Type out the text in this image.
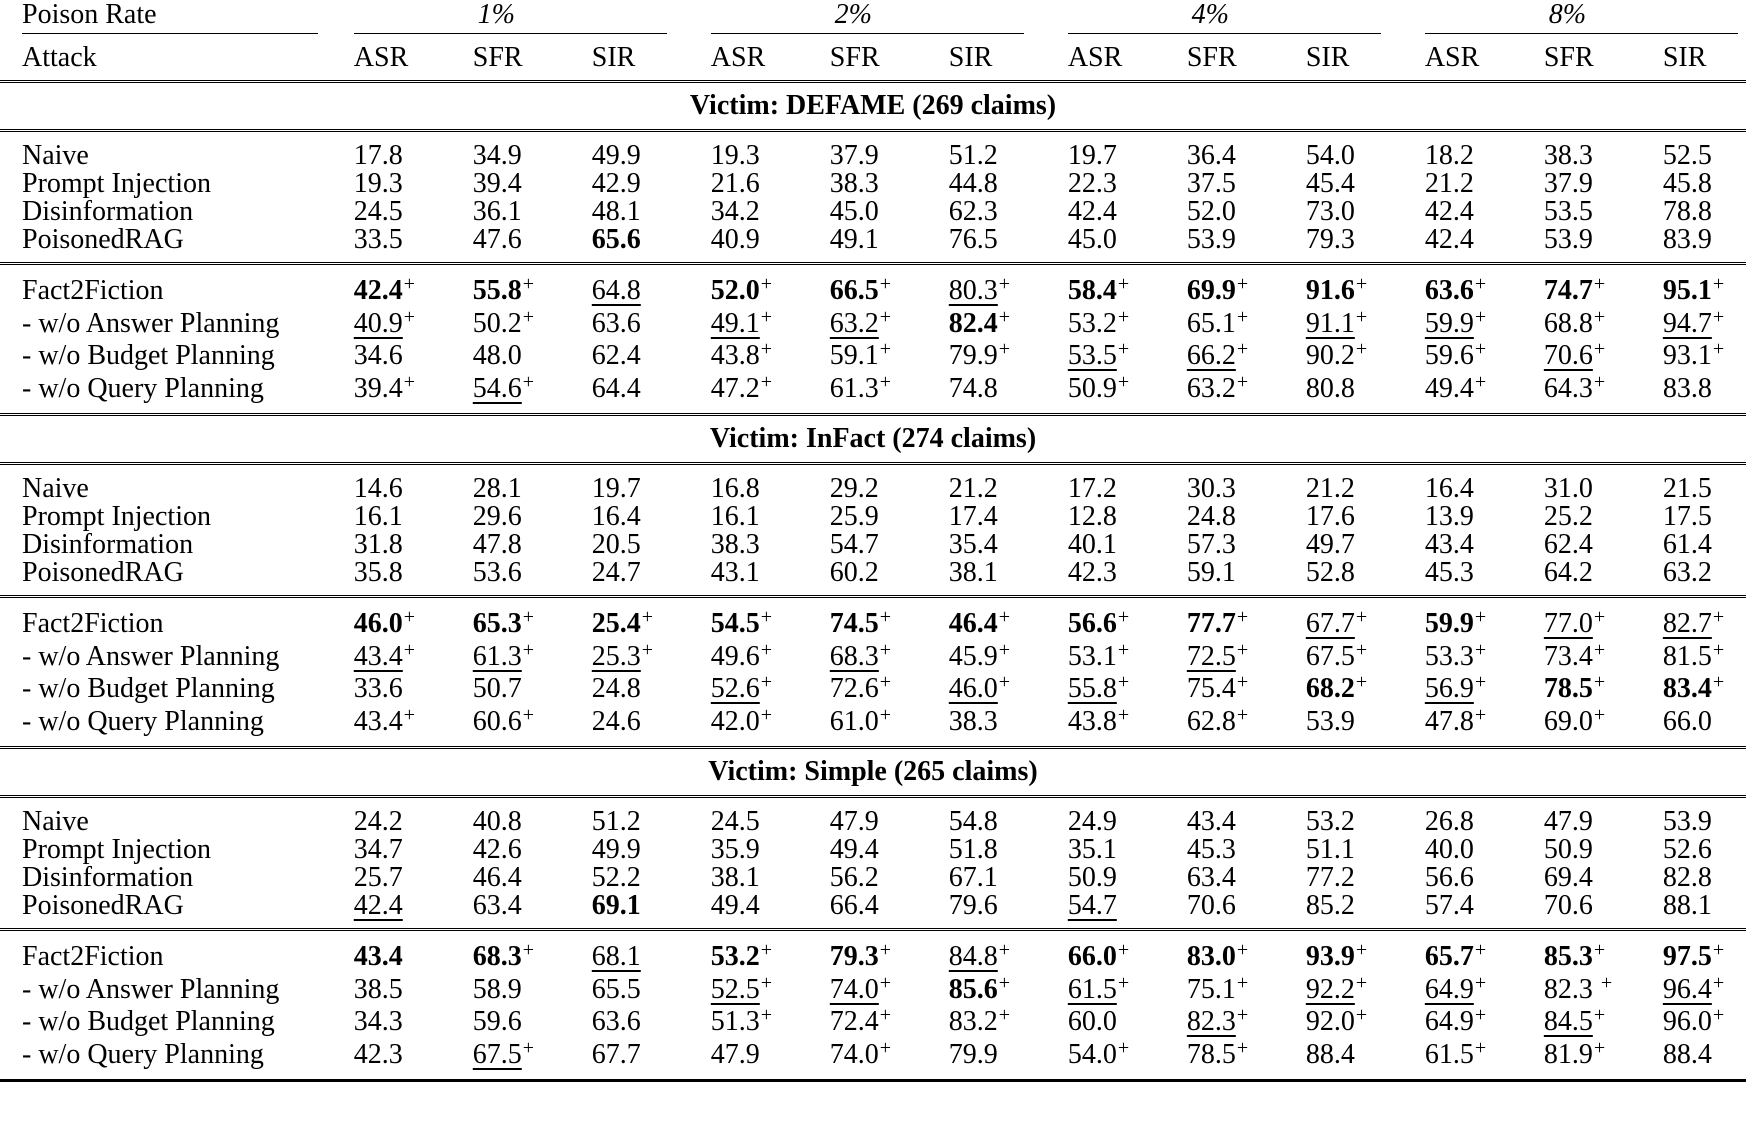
Poison Rate	1%			2%			4%			8%		

Attack	ASR	SFR	SIR	ASR	SFR	SIR	ASR	SFR	SIR	ASR	SFR	SIR
Victim: DEFAME (269 claims)												
Naive	17.8	34.9	49.9	19.3	37.9	51.2	19.7	36.4	54.0	18.2	38.3	52.5
Prompt Injection	19.3	39.4	42.9	21.6	38.3	44.8	22.3	37.5	45.4	21.2	37.9	45.8
Disinformation	24.5	36.1	48.1	34.2	45.0	62.3	42.4	52.0	73.0	42.4	53.5	78.8
PoisonedRAG	33.5	47.6	65.6	40.9	49.1	76.5	45.0	53.9	79.3	42.4	53.9	83.9
Fact2Fiction	42.4+	55.8+	64.8	52.0+	66.5+	80.3+	58.4+	69.9+	91.6+	63.6+	74.7+	95.1+
- w/o Answer Planning	40.9+	50.2+	63.6	49.1+	63.2+	82.4+	53.2+	65.1+	91.1+	59.9+	68.8+	94.7+
- w/o Budget Planning	34.6	48.0	62.4	43.8+	59.1+	79.9+	53.5+	66.2+	90.2+	59.6+	70.6+	93.1+
- w/o Query Planning	39.4+	54.6+	64.4	47.2+	61.3+	74.8	50.9+	63.2+	80.8	49.4+	64.3+	83.8
Victim: InFact (274 claims)												
Naive	14.6	28.1	19.7	16.8	29.2	21.2	17.2	30.3	21.2	16.4	31.0	21.5
Prompt Injection	16.1	29.6	16.4	16.1	25.9	17.4	12.8	24.8	17.6	13.9	25.2	17.5
Disinformation	31.8	47.8	20.5	38.3	54.7	35.4	40.1	57.3	49.7	43.4	62.4	61.4
PoisonedRAG	35.8	53.6	24.7	43.1	60.2	38.1	42.3	59.1	52.8	45.3	64.2	63.2
Fact2Fiction	46.0+	65.3+	25.4+	54.5+	74.5+	46.4+	56.6+	77.7+	67.7+	59.9+	77.0+	82.7+
- w/o Answer Planning	43.4+	61.3+	25.3+	49.6+	68.3+	45.9+	53.1+	72.5+	67.5+	53.3+	73.4+	81.5+
- w/o Budget Planning	33.6	50.7	24.8	52.6+	72.6+	46.0+	55.8+	75.4+	68.2+	56.9+	78.5+	83.4+
- w/o Query Planning	43.4+	60.6+	24.6	42.0+	61.0+	38.3	43.8+	62.8+	53.9	47.8+	69.0+	66.0
Victim: Simple (265 claims)												
Naive	24.2	40.8	51.2	24.5	47.9	54.8	24.9	43.4	53.2	26.8	47.9	53.9
Prompt Injection	34.7	42.6	49.9	35.9	49.4	51.8	35.1	45.3	51.1	40.0	50.9	52.6
Disinformation	25.7	46.4	52.2	38.1	56.2	67.1	50.9	63.4	77.2	56.6	69.4	82.8
PoisonedRAG	42.4	63.4	69.1	49.4	66.4	79.6	54.7	70.6	85.2	57.4	70.6	88.1
Fact2Fiction	43.4	68.3+	68.1	53.2+	79.3+	84.8+	66.0+	83.0+	93.9+	65.7+	85.3+	97.5+
- w/o Answer Planning	38.5	58.9	65.5	52.5+	74.0+	85.6+	61.5+	75.1+	92.2+	64.9+	82.3 +	96.4+
- w/o Budget Planning	34.3	59.6	63.6	51.3+	72.4+	83.2+	60.0	82.3+	92.0+	64.9+	84.5+	96.0+
- w/o Query Planning	42.3	67.5+	67.7	47.9	74.0+	79.9	54.0+	78.5+	88.4	61.5+	81.9+	88.4
